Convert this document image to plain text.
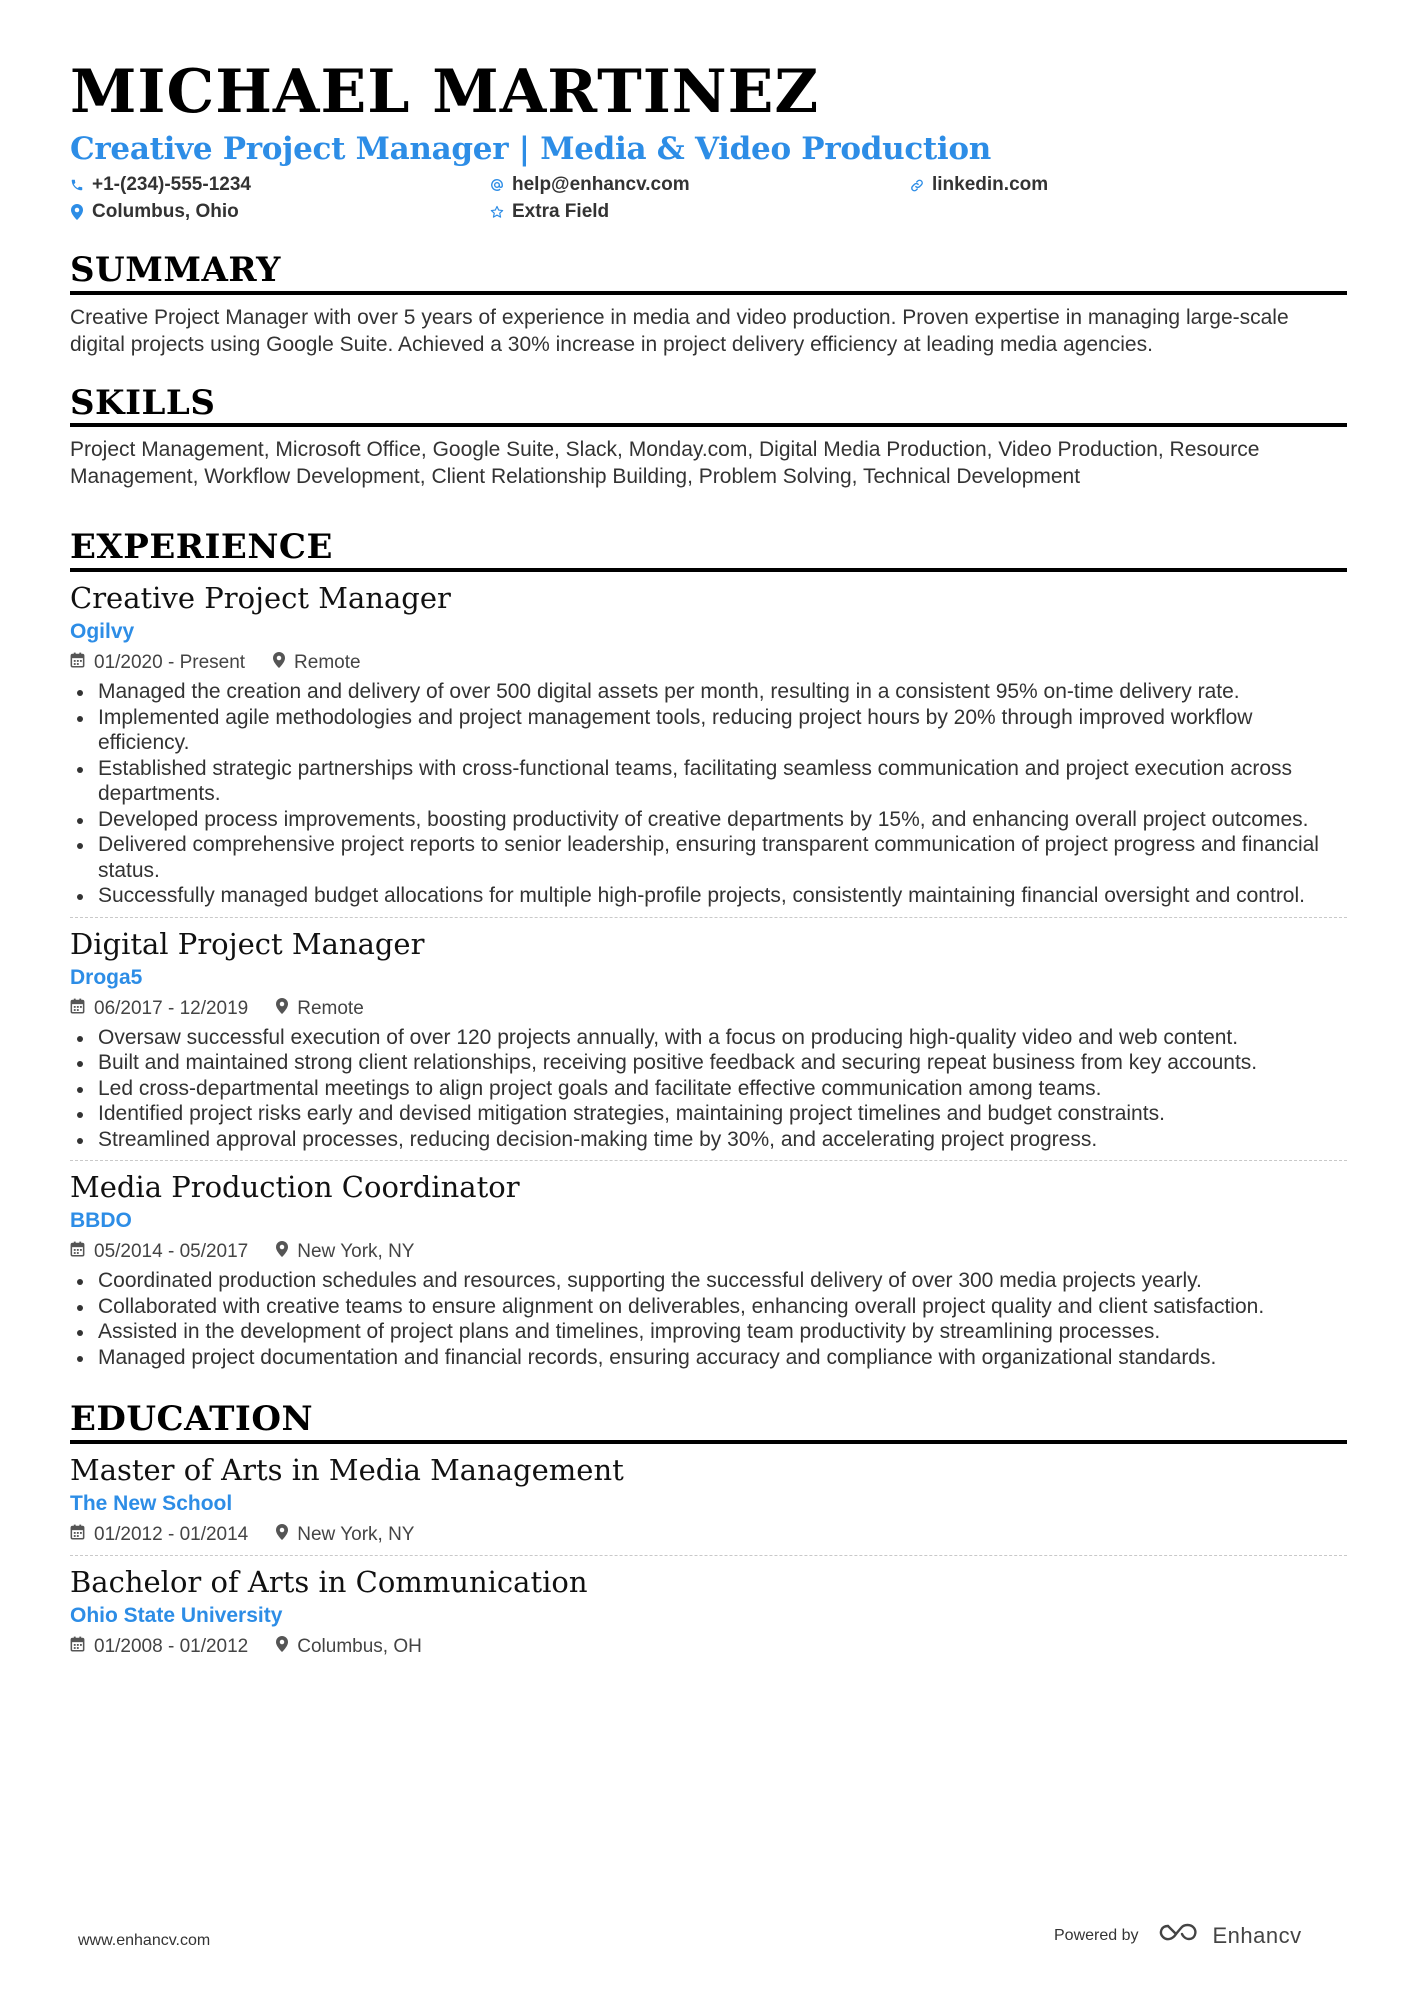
MICHAEL MARTINEZ
Creative Project Manager | Media & Video Production
+1-(234)-555-1234	help@enhancv.com	linkedin.com
Columbus, Ohio	Extra Field
SUMMARY

Creative Project Manager with over 5 years of experience in media and video production. Proven expertise in managing large-scale digital projects using Google Suite. Achieved a 30% increase in project delivery efficiency at leading media agencies.

SKILLS

Project Management, Microsoft Office, Google Suite, Slack, Monday.com, Digital Media Production, Video Production, Resource Management, Workflow Development, Client Relationship Building, Problem Solving, Technical Development

EXPERIENCE
Creative Project Manager
Ogilvy
01/2020 - Present	Remote
Managed the creation and delivery of over 500 digital assets per month, resulting in a consistent 95% on-time delivery rate.
Implemented agile methodologies and project management tools, reducing project hours by 20% through improved workflow efficiency.
Established strategic partnerships with cross-functional teams, facilitating seamless communication and project execution across departments.
Developed process improvements, boosting productivity of creative departments by 15%, and enhancing overall project outcomes.
Delivered comprehensive project reports to senior leadership, ensuring transparent communication of project progress and financial status.
Successfully managed budget allocations for multiple high-profile projects, consistently maintaining financial oversight and control.
Digital Project Manager
Droga5
06/2017 - 12/2019	Remote
Oversaw successful execution of over 120 projects annually, with a focus on producing high-quality video and web content.
Built and maintained strong client relationships, receiving positive feedback and securing repeat business from key accounts.
Led cross-departmental meetings to align project goals and facilitate effective communication among teams.
Identified project risks early and devised mitigation strategies, maintaining project timelines and budget constraints.
Streamlined approval processes, reducing decision-making time by 30%, and accelerating project progress.
Media Production Coordinator
BBDO
05/2014 - 05/2017	New York, NY
Coordinated production schedules and resources, supporting the successful delivery of over 300 media projects yearly.
Collaborated with creative teams to ensure alignment on deliverables, enhancing overall project quality and client satisfaction.
Assisted in the development of project plans and timelines, improving team productivity by streamlining processes.
Managed project documentation and financial records, ensuring accuracy and compliance with organizational standards.
EDUCATION
Master of Arts in Media Management
The New School
01/2012 - 01/2014	New York, NY
Bachelor of Arts in Communication
Ohio State University
01/2008 - 01/2012	Columbus, OH
www.enhancv.com	Powered by	Enhancv
